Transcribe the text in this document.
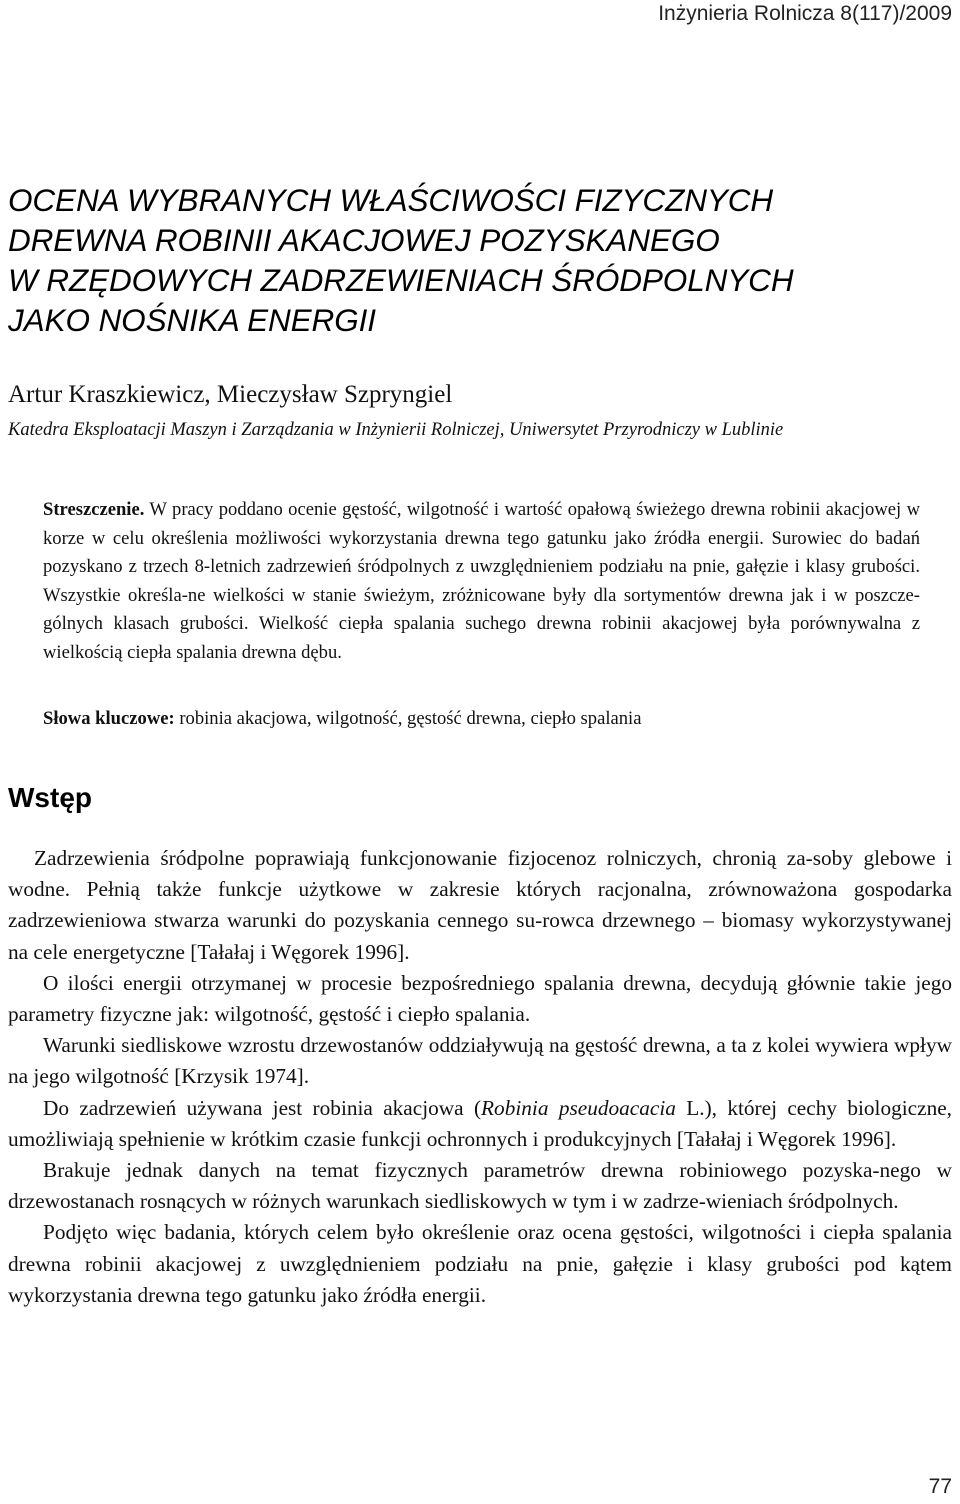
Inżynieria Rolnicza 8(117)/2009
OCENA WYBRANYCH WŁAŚCIWOŚCI FIZYCZNYCH
DREWNA ROBINII AKACJOWEJ POZYSKANEGO
W RZĘDOWYCH ZADRZEWIENIACH ŚRÓDPOLNYCH
JAKO NOŚNIKA ENERGII
Artur Kraszkiewicz, Mieczysław Szpryngiel
Katedra Eksploatacji Maszyn i Zarządzania w Inżynierii Rolniczej, Uniwersytet Przyrodniczy w Lublinie

Streszczenie. W pracy poddano ocenie gęstość, wilgotność i wartość opałową świeżego drewna robinii akacjowej w korze w celu określenia możliwości wykorzystania drewna tego gatunku jako źródła energii. Surowiec do badań pozyskano z trzech 8-letnich zadrzewień śródpolnych z uwzględnieniem podziału na pnie, gałęzie i klasy grubości. Wszystkie określa-ne wielkości w stanie świeżym, zróżnicowane były dla sortymentów drewna jak i w poszcze-gólnych klasach grubości. Wielkość ciepła spalania suchego drewna robinii akacjowej była porównywalna z wielkością ciepła spalania drewna dębu.

Słowa kluczowe: robinia akacjowa, wilgotność, gęstość drewna, ciepło spalania
Wstęp

Zadrzewienia śródpolne poprawiają funkcjonowanie fizjocenoz rolniczych, chronią za-soby glebowe i wodne. Pełnią także funkcje użytkowe w zakresie których racjonalna, zrównoważona gospodarka zadrzewieniowa stwarza warunki do pozyskania cennego su-rowca drzewnego – biomasy wykorzystywanej na cele energetyczne [Tałałaj i Węgorek 1996].

O ilości energii otrzymanej w procesie bezpośredniego spalania drewna, decydują głównie takie jego parametry fizyczne jak: wilgotność, gęstość i ciepło spalania.

Warunki siedliskowe wzrostu drzewostanów oddziaływują na gęstość drewna, a ta z kolei wywiera wpływ na jego wilgotność [Krzysik 1974].

Do zadrzewień używana jest robinia akacjowa (Robinia pseudoacacia L.), której cechy biologiczne, umożliwiają spełnienie w krótkim czasie funkcji ochronnych i produkcyjnych [Tałałaj i Węgorek 1996].

Brakuje jednak danych na temat fizycznych parametrów drewna robiniowego pozyska-nego w drzewostanach rosnących w różnych warunkach siedliskowych w tym i w zadrze-wieniach śródpolnych.

Podjęto więc badania, których celem było określenie oraz ocena gęstości, wilgotności i ciepła spalania drewna robinii akacjowej z uwzględnieniem podziału na pnie, gałęzie i klasy grubości pod kątem wykorzystania drewna tego gatunku jako źródła energii.

77
